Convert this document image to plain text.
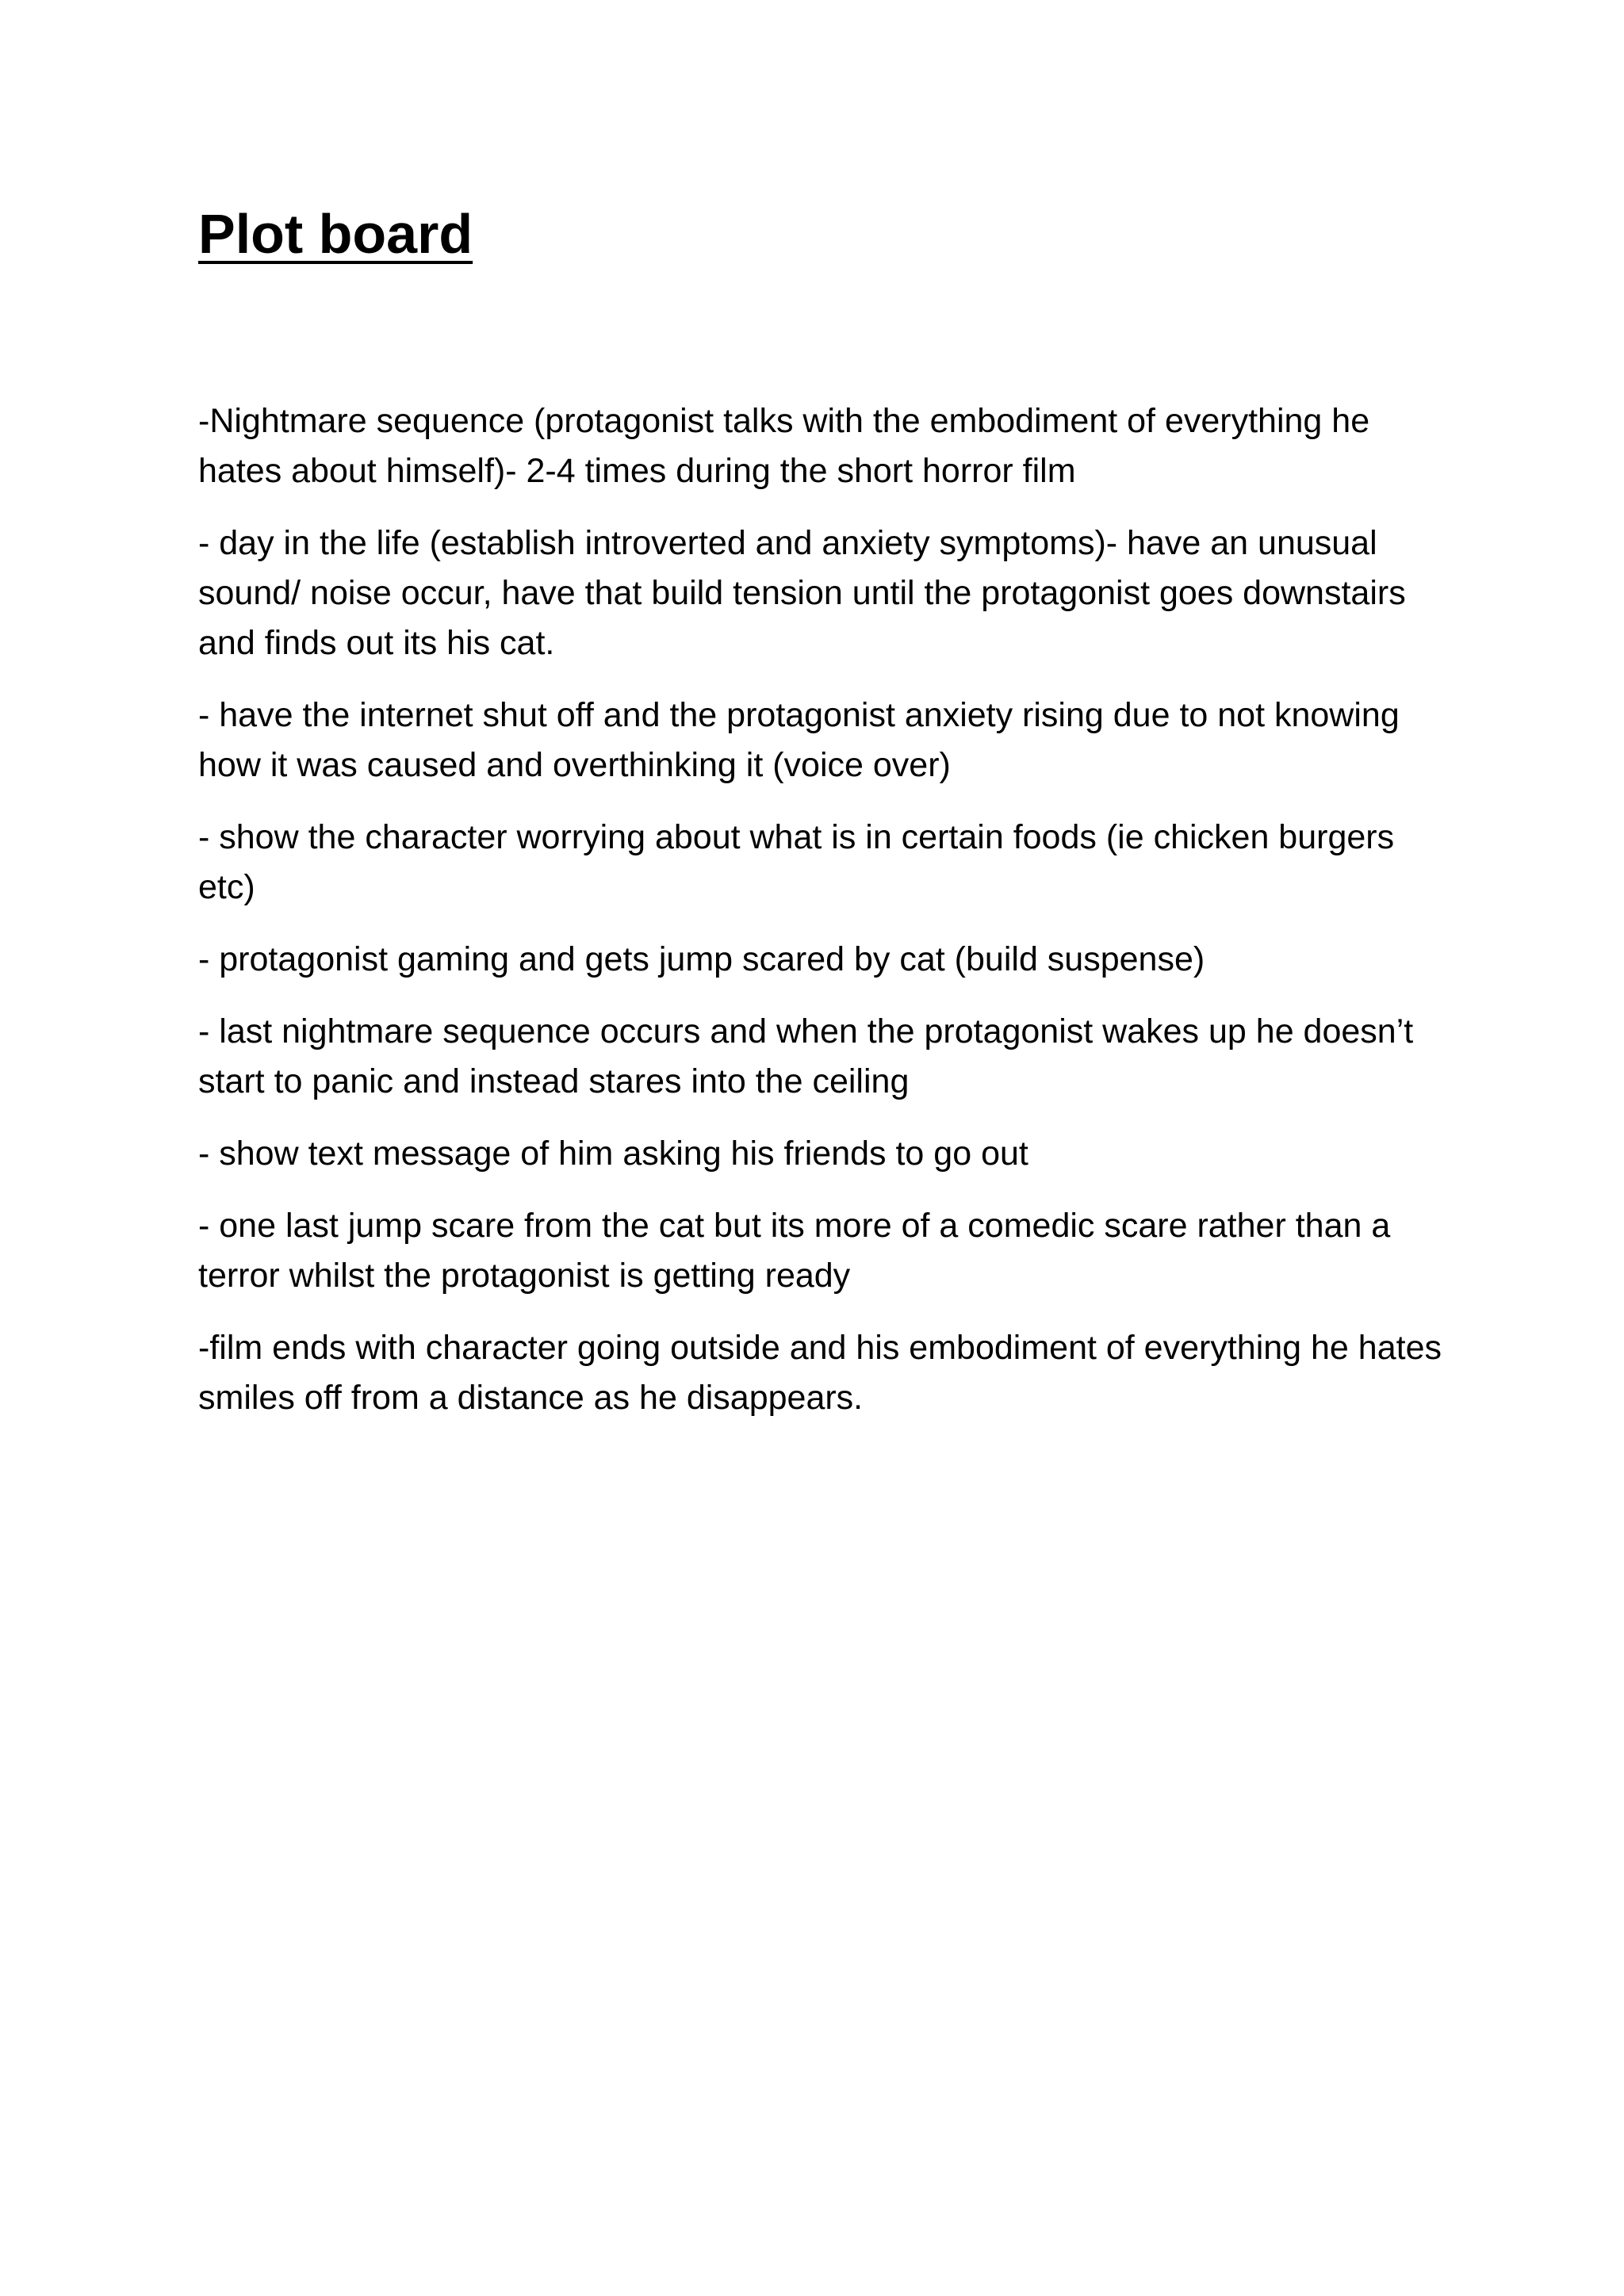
Plot board
-Nightmare sequence (protagonist talks with the embodiment of everything he hates about himself)- 2-4 times during the short horror film
- day in the life (establish introverted and anxiety symptoms)- have an unusual sound/ noise occur, have that build tension until the protagonist goes downstairs and finds out its his cat.
- have the internet shut off and the protagonist anxiety rising due to not knowing how it was caused and overthinking it (voice over)
- show the character worrying about what is in certain foods (ie chicken burgers etc)
- protagonist gaming and gets jump scared by cat (build suspense)
- last nightmare sequence occurs and when the protagonist wakes up he doesn’t start to panic and instead stares into the ceiling
- show text message of him asking his friends to go out
- one last jump scare from the cat but its more of a comedic scare rather than a terror whilst the protagonist is getting ready
-film ends with character going outside and his embodiment of everything he hates smiles off from a distance as he disappears.
